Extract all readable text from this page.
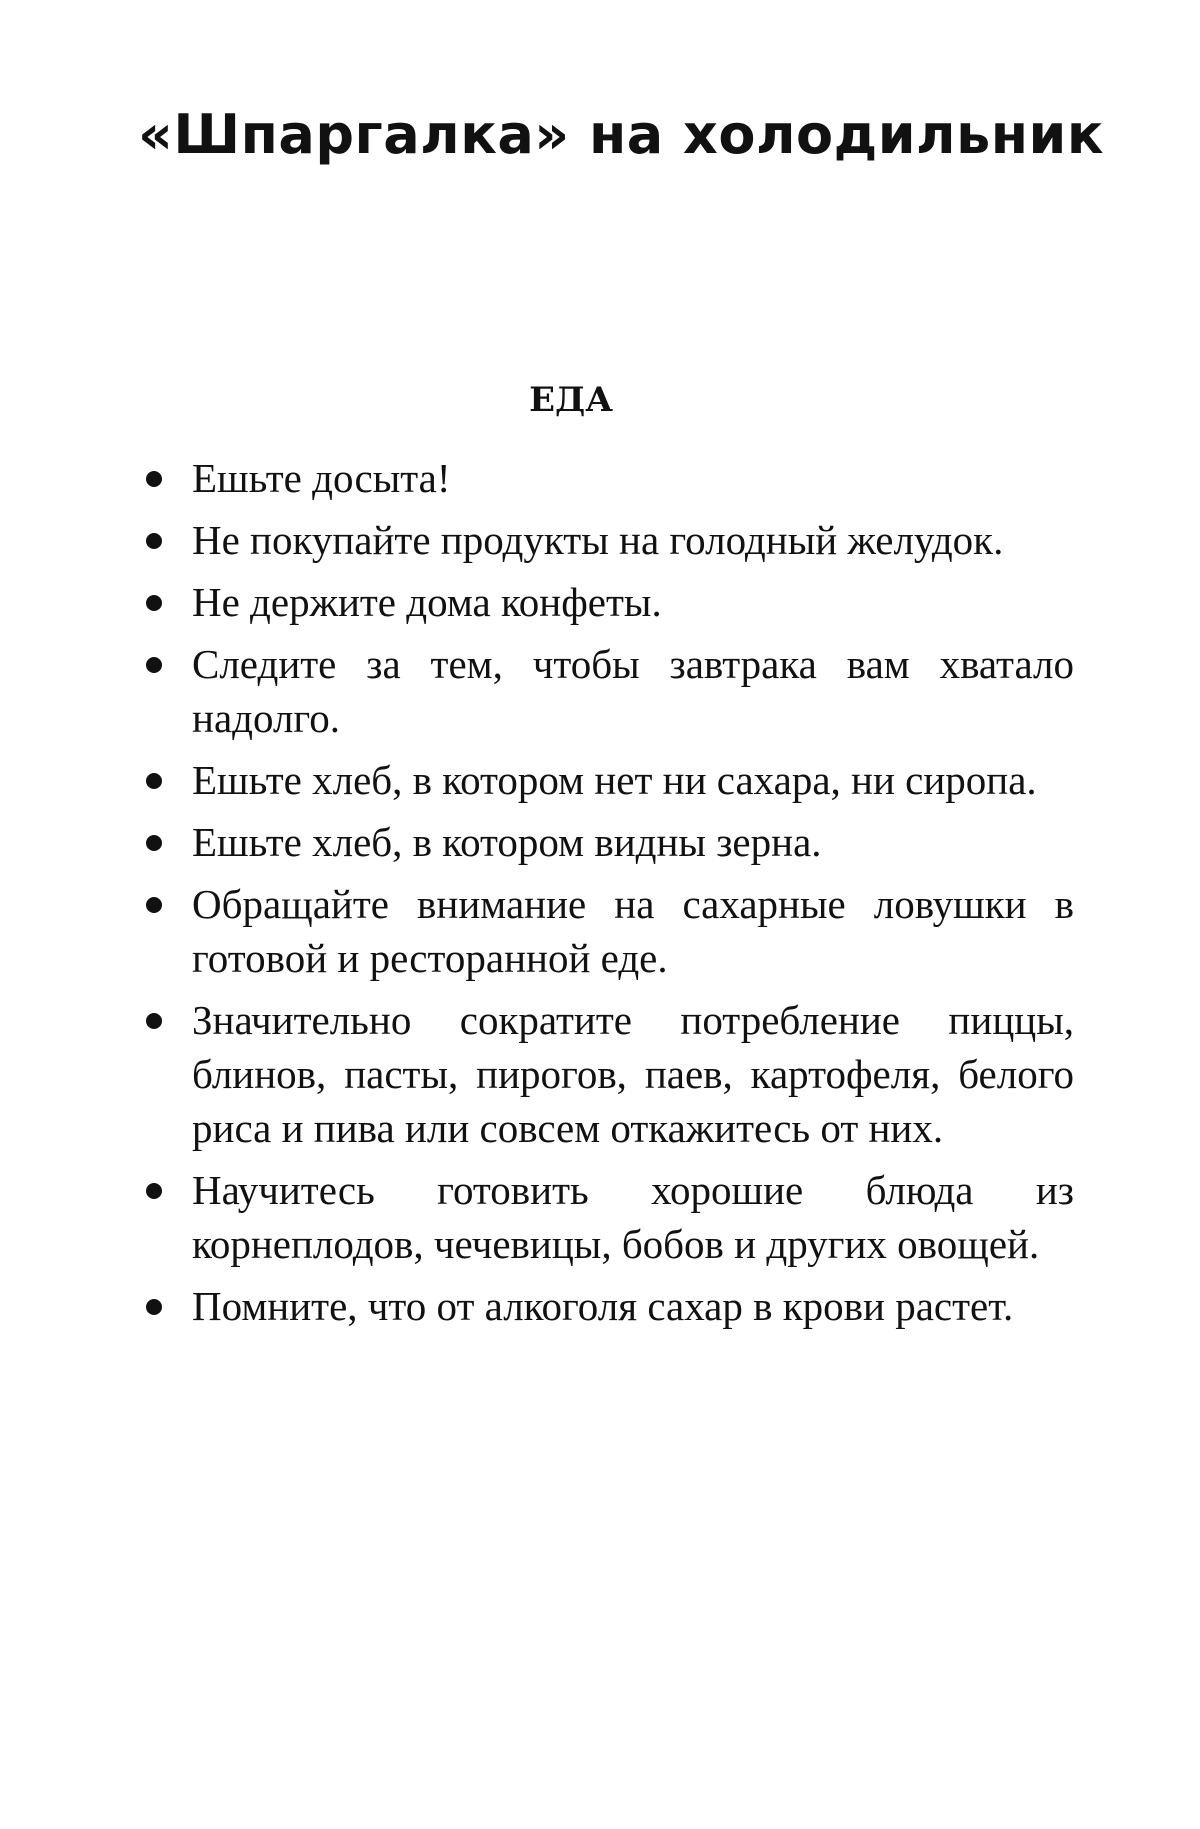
«Шпаргалка» на холодильник
ЕДА
Ешьте досыта!
Не покупайте продукты на голодный желудок.
Не держите дома конфеты.
Следите за тем, чтобы завтрака вам хватало надолго.
Ешьте хлеб, в котором нет ни сахара, ни сиропа.
Ешьте хлеб, в котором видны зерна.
Обращайте внимание на сахарные ловушки в готовой и ресторанной еде.
Значительно сократите потребление пиццы, блинов, пасты, пирогов, паев, картофеля, белого риса и пива или совсем откажитесь от них.
Научитесь готовить хорошие блюда из корнеплодов, чечевицы, бобов и других овощей.
Помните, что от алкоголя сахар в крови растет.
